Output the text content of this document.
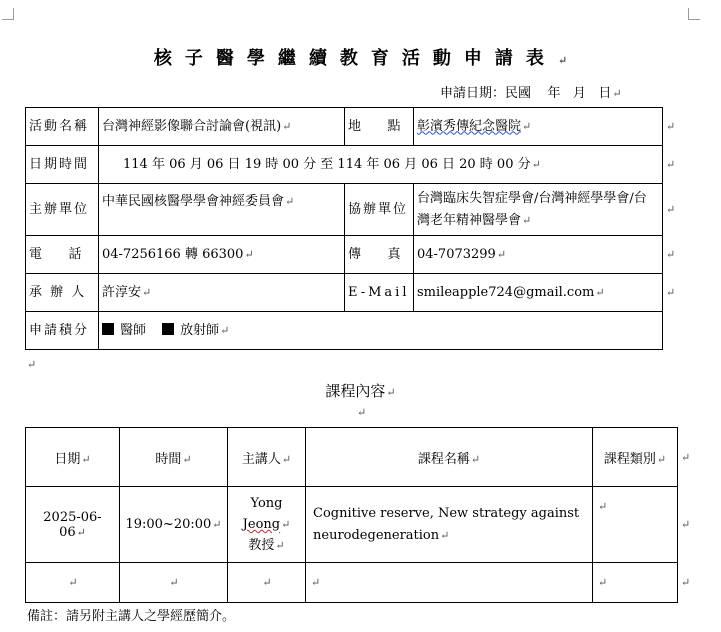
核子醫學繼續教育活動申請表↵
申請日期：民國    年   月   日↵
活動名稱	台灣神經影像聯合討論會(視訊)↵	地    點	彰濱秀傳紀念醫院↵	↵
日期時間	114 年 06 月 06 日 19 時 00 分 至 114 年 06 月 06 日 20 時 00 分↵			↵
主辦單位	中華民國核醫學學會神經委員會↵	協辦單位	台灣臨床失智症學會/台灣神經學學會/台灣老年精神醫學會↵	↵
電    話	04-7256166 轉 66300↵	傳    真	04-7073299↵	↵
承 辦 人	許淳安↵	E-Mail	smileapple724@gmail.com↵	↵
申請積分	醫師 放射師↵			
↵
課程內容↵
↵
日期↵	時間↵	主講人↵	課程名稱↵	課程類別↵	↵
2025-06-06↵	19:00~20:00↵	Yong
Jeong↵
教授↵	Cognitive reserve, New strategy against neurodegeneration↵	↵	↵
↵	↵	↵	↵	↵	↵
備註：請另附主講人之學經歷簡介。
